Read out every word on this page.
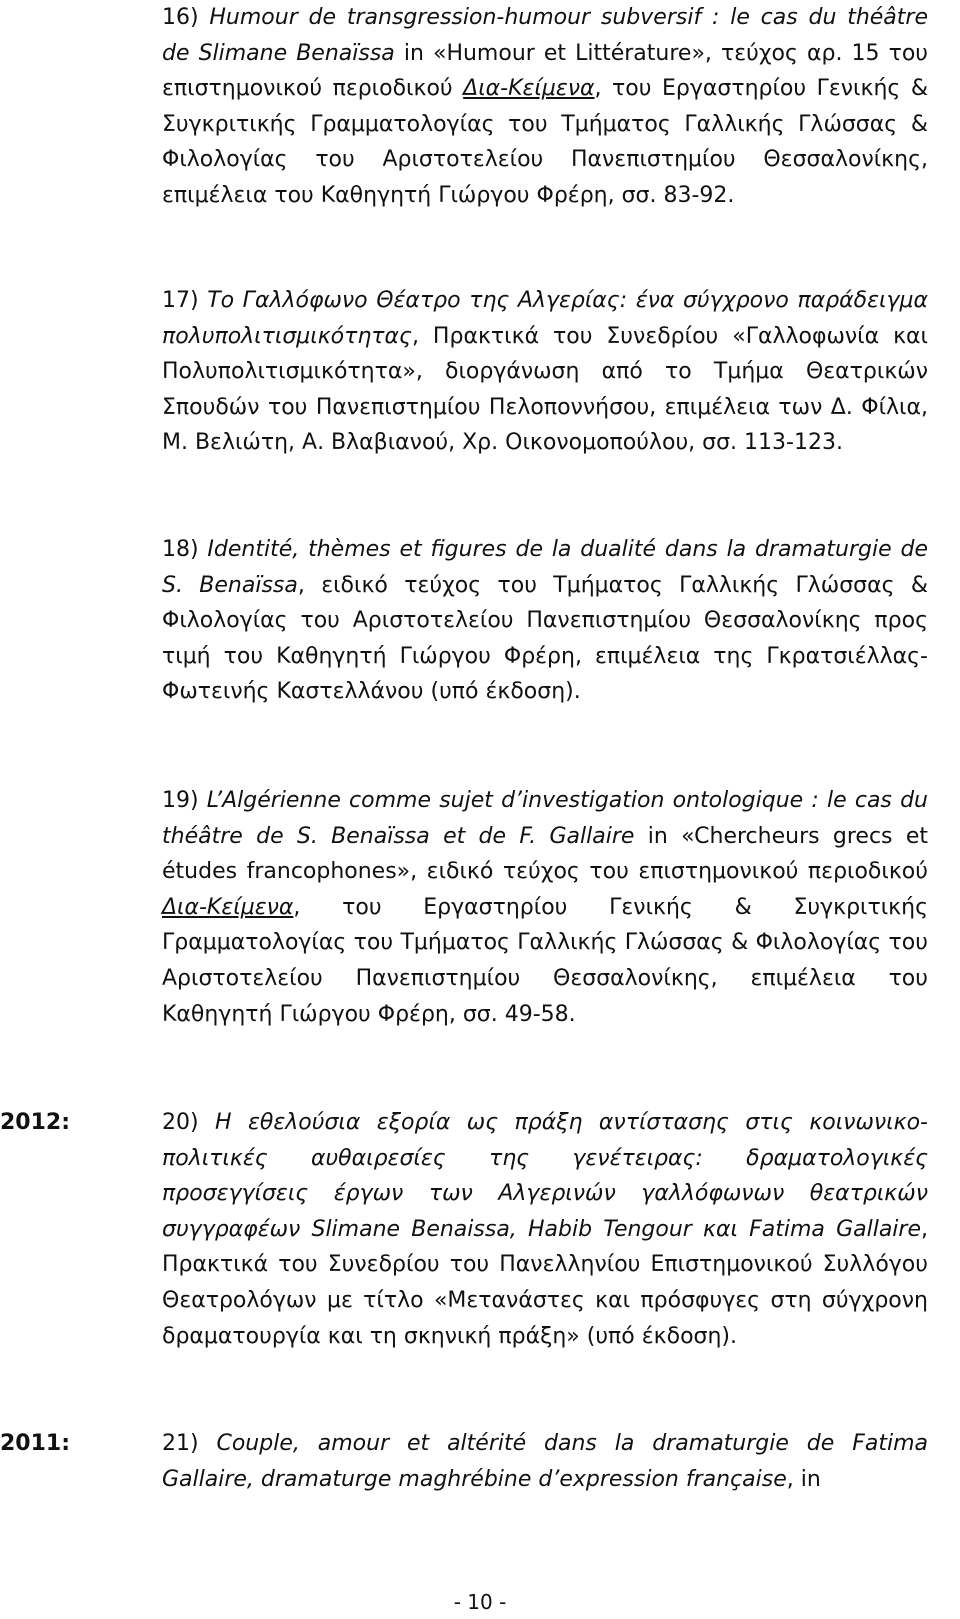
16) Humour de transgression-humour subversif : le cas du théâtre de Slimane Benaïssa in «Humour et Littérature», τεύχος αρ. 15 του επιστημονικού περιοδικού Δια-Κείμενα, του Εργαστηρίου Γενικής & Συγκριτικής Γραμματολογίας του Τμήματος Γαλλικής Γλώσσας & Φιλολογίας του Αριστοτελείου Πανεπιστημίου Θεσσαλονίκης, επιμέλεια του Καθηγητή Γιώργου Φρέρη, σσ. 83-92.
17) Το Γαλλόφωνο Θέατρο της Αλγερίας: ένα σύγχρονο παράδειγμα πολυπολιτισμικότητας, Πρακτικά του Συνεδρίου «Γαλλοφωνία και Πολυπολιτισμικότητα», διοργάνωση από το Τμήμα Θεατρικών Σπουδών του Πανεπιστημίου Πελοποννήσου, επιμέλεια των Δ. Φίλια, Μ. Βελιώτη, Α. Βλαβιανού, Χρ. Οικονομοπούλου, σσ. 113-123.
18) Identité, thèmes et figures de la dualité dans la dramaturgie de S. Benaïssa, ειδικό τεύχος του Τμήματος Γαλλικής Γλώσσας & Φιλολογίας του Αριστοτελείου Πανεπιστημίου Θεσσαλονίκης προς τιμή του Καθηγητή Γιώργου Φρέρη, επιμέλεια της Γκρατσιέλλας-Φωτεινής Καστελλάνου (υπό έκδοση).
19) L’Algérienne comme sujet d’investigation ontologique : le cas du théâtre de S. Benaïssa et de F. Gallaire in «Chercheurs grecs et études francophones», ειδικό τεύχος του επιστημονικού περιοδικού Δια-Κείμενα, του Εργαστηρίου Γενικής & Συγκριτικής Γραμματολογίας του Τμήματος Γαλλικής Γλώσσας & Φιλολογίας του Αριστοτελείου Πανεπιστημίου Θεσσαλονίκης, επιμέλεια του Καθηγητή Γιώργου Φρέρη, σσ. 49-58.
2012:	20) Η εθελούσια εξορία ως πράξη αντίστασης στις κοινωνικο-πολιτικές αυθαιρεσίες της γενέτειρας: δραματολογικές προσεγγίσεις έργων των Αλγερινών γαλλόφωνων θεατρικών συγγραφέων Slimane Benaissa, Habib Tengour και Fatima Gallaire, Πρακτικά του Συνεδρίου του Πανελληνίου Επιστημονικού Συλλόγου Θεατρολόγων με τίτλο «Μετανάστες και πρόσφυγες στη σύγχρονη δραματουργία και τη σκηνική πράξη» (υπό έκδοση).
2011:	21) Couple, amour et altérité dans la dramaturgie de Fatima Gallaire, dramaturge maghrébine d’expression française, in
- 10 -
